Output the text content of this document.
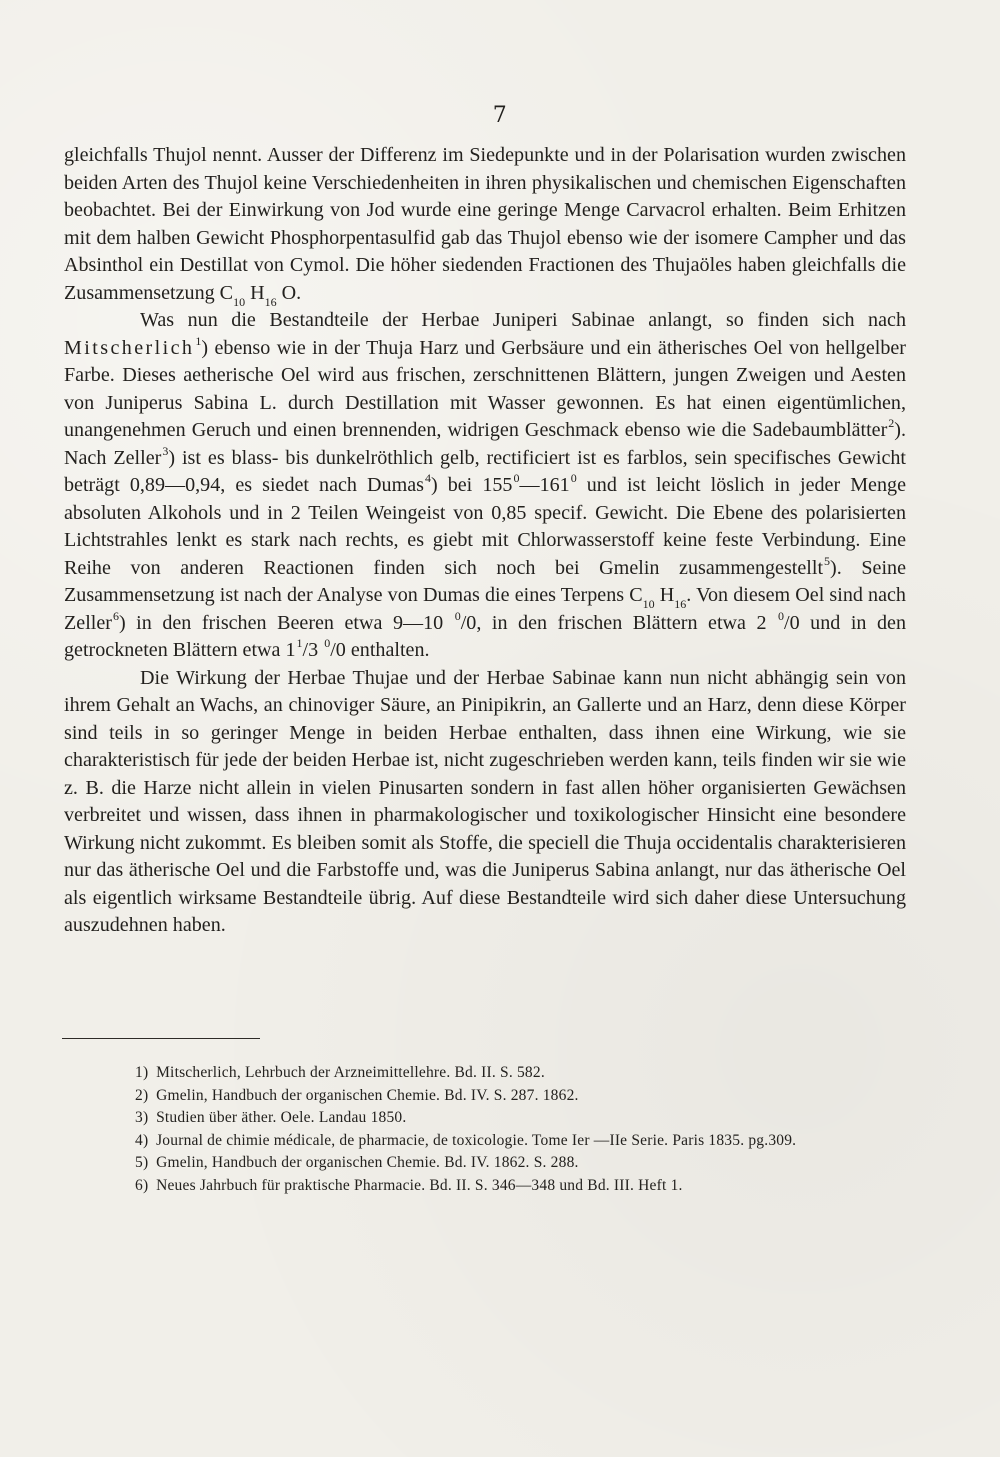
7

gleichfalls Thujol nennt. Ausser der Differenz im Siedepunkte und in der Polarisation wurden zwischen beiden Arten des Thujol keine Verschiedenheiten in ihren physikalischen und chemischen Eigenschaften beobachtet. Bei der Einwirkung von Jod wurde eine geringe Menge Carvacrol erhalten. Beim Erhitzen mit dem halben Gewicht Phosphorpentasulfid gab das Thujol ebenso wie der isomere Campher und das Absinthol ein Destillat von Cymol. Die höher siedenden Fractionen des Thujaöles haben gleichfalls die Zusammensetzung $C_{10}$ $H_{16}$ O.

Was nun die Bestandteile der Herbae Juniperi Sabinae anlangt, so finden sich nach Mitscherlich$^1$) ebenso wie in der Thuja Harz und Gerbsäure und ein ätherisches Oel von hellgelber Farbe. Dieses aetherische Oel wird aus frischen, zerschnittenen Blättern, jungen Zweigen und Aesten von Juniperus Sabina L. durch Destillation mit Wasser gewonnen. Es hat einen eigentümlichen, unangenehmen Geruch und einen brennenden, widrigen Geschmack ebenso wie die Sadebaumblätter$^2$). Nach Zeller$^3$) ist es blass- bis dunkelröthlich gelb, rectificiert ist es farblos, sein specifisches Gewicht beträgt 0,89—0,94, es siedet nach Dumas$^4$) bei $155^0—161^0$ und ist leicht löslich in jeder Menge absoluten Alkohols und in 2 Teilen Weingeist von 0,85 specif. Gewicht. Die Ebene des polarisierten Lichtstrahles lenkt es stark nach rechts, es giebt mit Chlorwasserstoff keine feste Verbindung. Eine Reihe von anderen Reactionen finden sich noch bei Gmelin zusammengestellt$^5$). Seine Zusammensetzung ist nach der Analyse von Dumas die eines Terpens $C_{10}$ $H_{16}$. Von diesem Oel sind nach Zeller$^6$) in den frischen Beeren etwa 9—10 $^0$/0, in den frischen Blättern etwa 2 $^0$/0 und in den getrockneten Blättern etwa $1^1/3$ $^0$/0 enthalten.

Die Wirkung der Herbae Thujae und der Herbae Sabinae kann nun nicht abhängig sein von ihrem Gehalt an Wachs, an chinoviger Säure, an Pinipikrin, an Gallerte und an Harz, denn diese Körper sind teils in so geringer Menge in beiden Herbae enthalten, dass ihnen eine Wirkung, wie sie charakteristisch für jede der beiden Herbae ist, nicht zugeschrieben werden kann, teils finden wir sie wie z. B. die Harze nicht allein in vielen Pinusarten sondern in fast allen höher organisierten Gewächsen verbreitet und wissen, dass ihnen in pharmakologischer und toxikologischer Hinsicht eine besondere Wirkung nicht zukommt. Es bleiben somit als Stoffe, die speciell die Thuja occidentalis charakterisieren nur das ätherische Oel und die Farbstoffe und, was die Juniperus Sabina anlangt, nur das ätherische Oel als eigentlich wirksame Bestandteile übrig. Auf diese Bestandteile wird sich daher diese Untersuchung auszudehnen haben.

1) Mitscherlich, Lehrbuch der Arzneimittellehre. Bd. II. S. 582.
2) Gmelin, Handbuch der organischen Chemie. Bd. IV. S. 287. 1862.
3) Studien über äther. Oele. Landau 1850.
4) Journal de chimie médicale, de pharmacie, de toxicologie. Tome Ier —IIe Serie. Paris 1835. pg.309.
5) Gmelin, Handbuch der organischen Chemie. Bd. IV. 1862. S. 288.
6) Neues Jahrbuch für praktische Pharmacie. Bd. II. S. 346—348 und Bd. III. Heft 1.
